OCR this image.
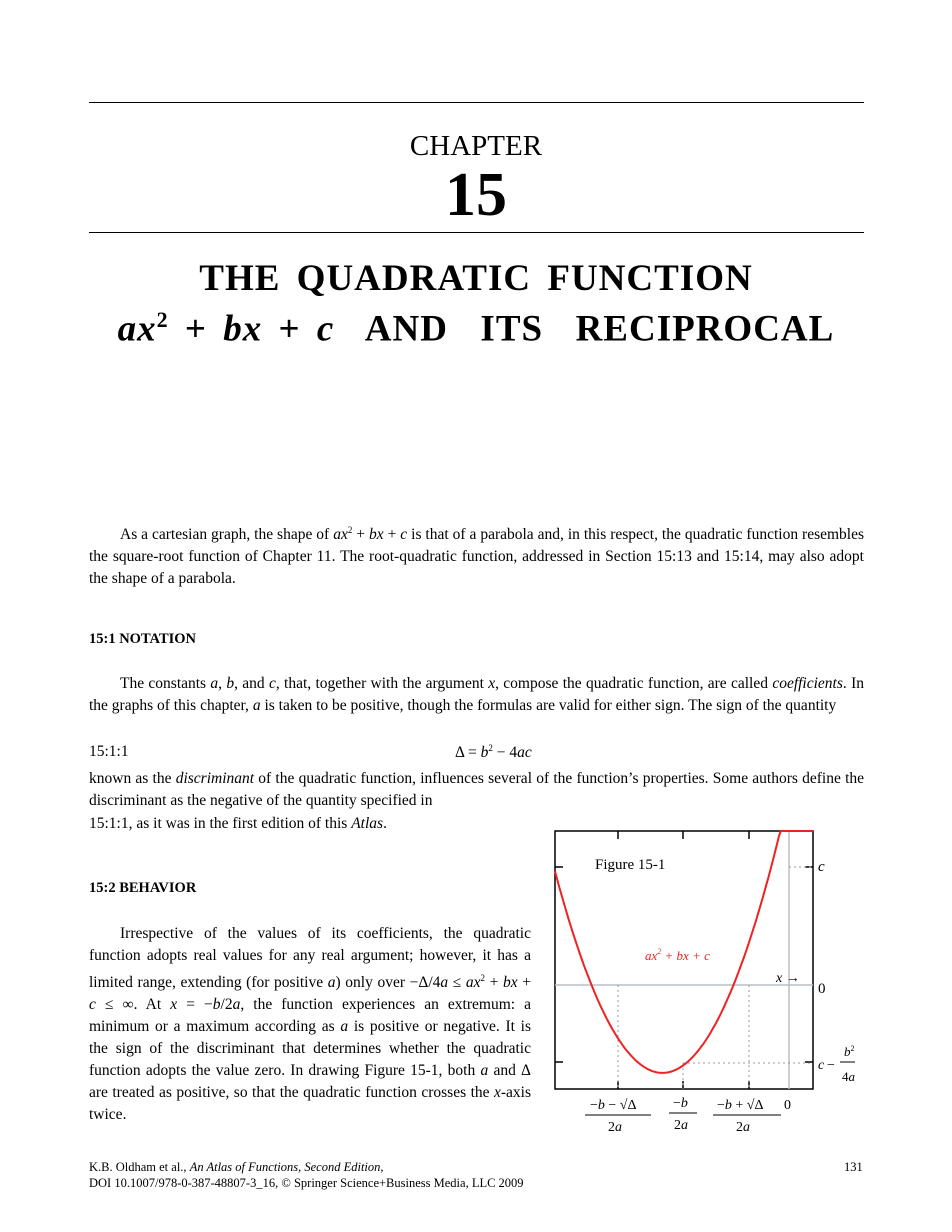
CHAPTER
15
THE QUADRATIC FUNCTION
$ax^2$ + bx + c  AND  ITS  RECIPROCAL
As a cartesian graph, the shape of $ax^2$ + bx + c is that of a parabola and, in this respect, the quadratic function resembles the square-root function of Chapter 11. The root-quadratic function, addressed in Section 15:13 and 15:14, may also adopt the shape of a parabola.
15:1 NOTATION
The constants a, b, and c, that, together with the argument x, compose the quadratic function, are called coefficients. In the graphs of this chapter, a is taken to be positive, though the formulas are valid for either sign. The sign of the quantity
15:1:1	$\Delta = b^2 - 4ac$
known as the discriminant of the quadratic function, influences several of the function’s properties. Some authors define the discriminant as the negative of the quantity specified in
15:1:1, as it was in the first edition of this Atlas.
15:2 BEHAVIOR
Irrespective of the values of its coefficients, the quadratic function adopts real values for any real argument; however, it has a limited range, extending (for positive a) only over $-\Delta/4a \le ax^2$ + bx + c ≤ ∞. At x = −b/2a, the function experiences an extremum: a minimum or a maximum according as a is positive or negative. It is the sign of the discriminant that determines whether the quadratic function adopts the value zero. In drawing Figure 15-1, both a and Δ are treated as positive, so that the quadratic function crosses the x-axis twice.
Figure 15-1
$ax^2$ + bx + c
x →
c
0
c −
$b^2$
4a
−b − √Δ
2a
−b
2a
−b + √Δ
2a
0
K.B. Oldham et al., An Atlas of Functions, Second Edition,
DOI 10.1007/978-0-387-48807-3_16, © Springer Science+Business Media, LLC 2009
131
